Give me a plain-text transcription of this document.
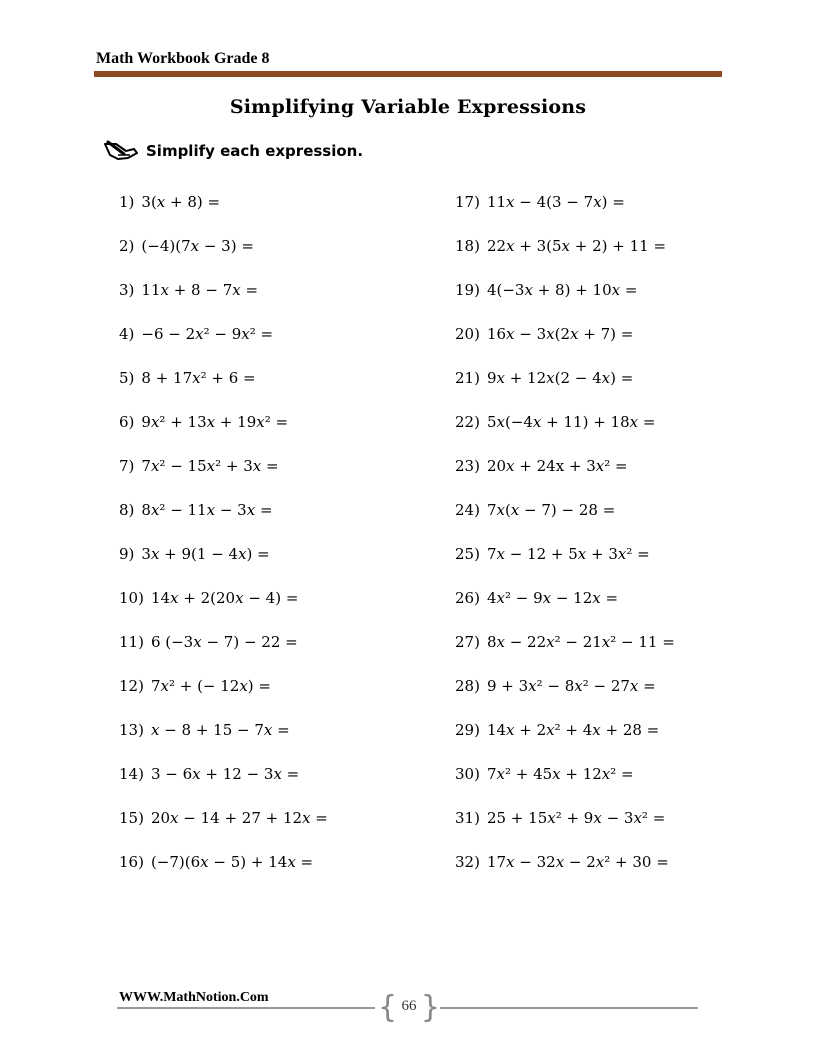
Math Workbook Grade 8
Simplifying Variable Expressions
Simplify each expression.
1) 3(𝑥 + 8) =
2) (−4)(7𝑥 − 3) =
3) 11𝑥 + 8 − 7𝑥 =
4) −6 − 2𝑥² − 9𝑥² =
5) 8 + 17𝑥² + 6 =
6) 9𝑥² + 13𝑥 + 19𝑥² =
7) 7𝑥² − 15𝑥² + 3𝑥 =
8) 8𝑥² − 11𝑥 − 3𝑥 =
9) 3𝑥 + 9(1 − 4𝑥) =
10) 14𝑥 + 2(20𝑥 − 4) =
11) 6 (−3𝑥 − 7) − 22 =
12) 7𝑥² + (− 12𝑥) =
13) 𝑥 − 8 + 15 − 7𝑥 =
14) 3 − 6𝑥 + 12 − 3𝑥 =
15) 20𝑥 − 14 + 27 + 12𝑥 =
16) (−7)(6𝑥 − 5) + 14𝑥 =
17) 11𝑥 − 4(3 − 7𝑥) =
18) 22𝑥 + 3(5𝑥 + 2) + 11 =
19) 4(−3𝑥 + 8) + 10𝑥 =
20) 16𝑥 − 3𝑥(2𝑥 + 7) =
21) 9𝑥 + 12𝑥(2 − 4𝑥) =
22) 5𝑥(−4𝑥 + 11) + 18𝑥 =
23) 20𝑥 + 24x + 3𝑥² =
24) 7𝑥(𝑥 − 7) − 28 =
25) 7𝑥 − 12 + 5𝑥 + 3𝑥² =
26) 4𝑥² − 9𝑥 − 12𝑥 =
27) 8𝑥 − 22𝑥² − 21𝑥² − 11 =
28) 9 + 3𝑥² − 8𝑥² − 27𝑥 =
29) 14𝑥 + 2𝑥² + 4𝑥 + 28 =
30) 7𝑥² + 45𝑥 + 12𝑥² =
31) 25 + 15𝑥² + 9𝑥 − 3𝑥² =
32) 17𝑥 − 32𝑥 − 2𝑥² + 30 =
WWW.MathNotion.Com	{ 66 }
